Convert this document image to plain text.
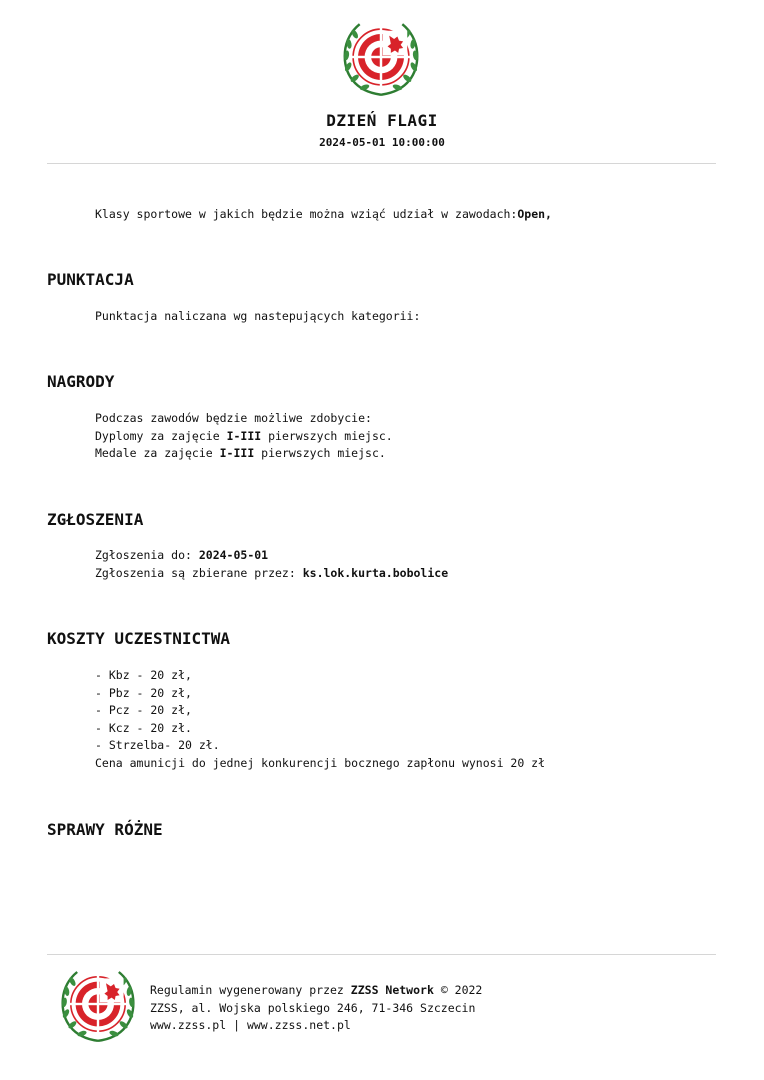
DZIEŃ FLAGI
2024-05-01 10:00:00
Klasy sportowe w jakich będzie można wziąć udział w zawodach:Open,
PUNKTACJA
Punktacja naliczana wg nastepujących kategorii:
NAGRODY
Podczas zawodów będzie możliwe zdobycie:
Dyplomy za zajęcie I-III pierwszych miejsc.
Medale za zajęcie I-III pierwszych miejsc.
ZGŁOSZENIA
Zgłoszenia do: 2024-05-01
Zgłoszenia są zbierane przez: ks.lok.kurta.bobolice
KOSZTY UCZESTNICTWA
- Kbz - 20 zł,
- Pbz - 20 zł,
- Pcz - 20 zł,
- Kcz - 20 zł.
- Strzelba- 20 zł.
Cena amunicji do jednej konkurencji bocznego zapłonu wynosi 20 zł
SPRAWY RÓŻNE
Regulamin wygenerowany przez ZZSS Network © 2022
ZZSS, al. Wojska polskiego 246, 71-346 Szczecin
www.zzss.pl | www.zzss.net.pl
